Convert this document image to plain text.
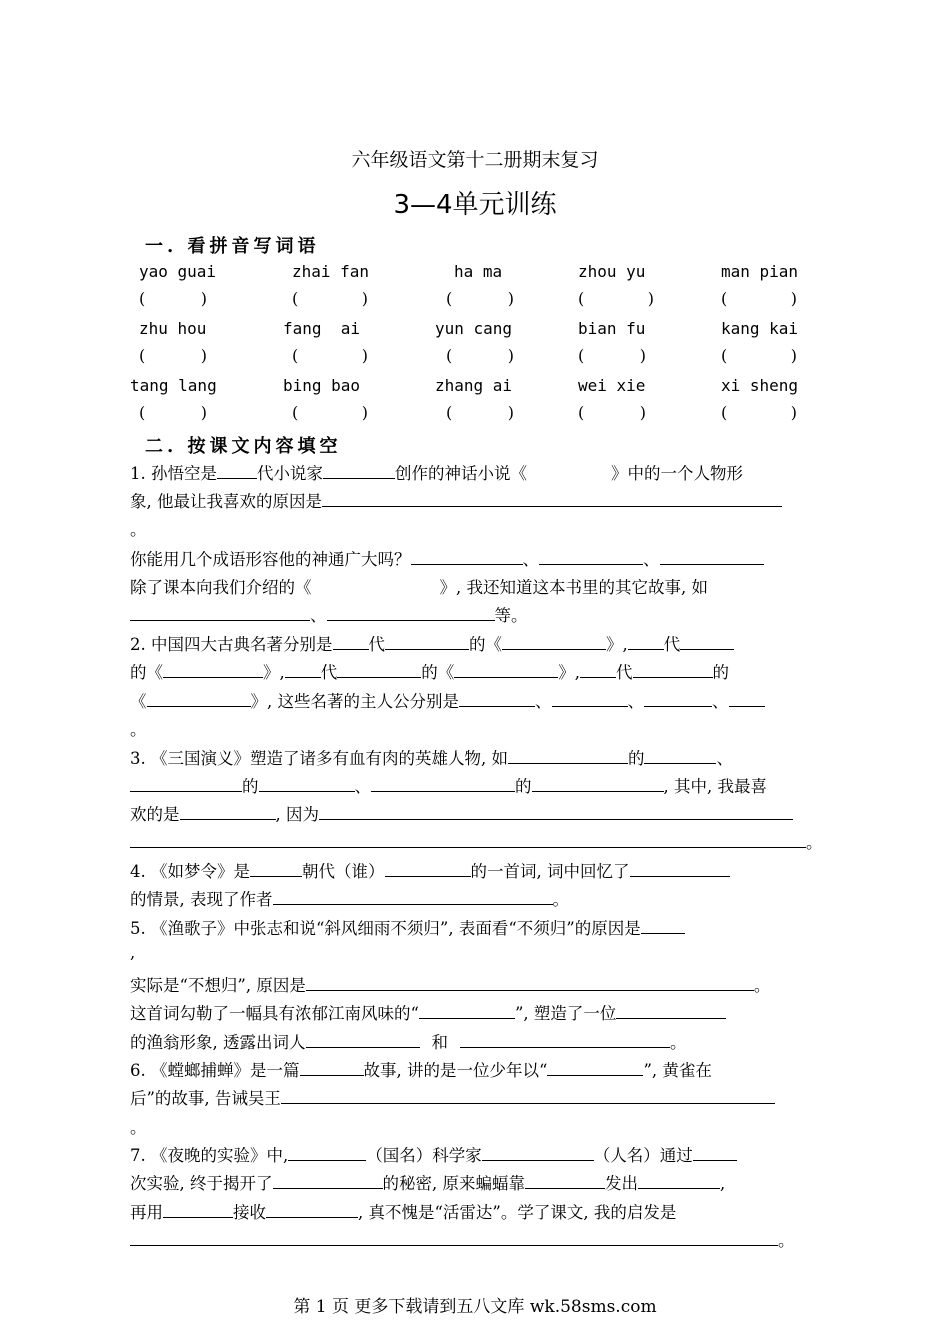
六年级语文第十二册期末复习
3—4单元训练
一. 看拼音写词语
yao guai	zhai fan	ha ma	zhou yu	man pian
(	)	(	)	(	)	(	)	(	)
zhu hou	fang  ai	yun cang	bian fu	kang kai
(	)	(	)	(	)	(	)	(	)
tang lang	bing bao	zhang ai	wei xie	xi sheng
(	)	(	)	(	)	(	)	(	)
二. 按课文内容填空
1. 孙悟空是 代小说家	创作的神话小说《	》中的一个人物形
象, 他最让我喜欢的原因是
。
你能用几个成语形容他的神通广大吗？	、	、
除了课本向我们介绍的《	》, 我还知道这本书里的其它故事, 如
、	等。
2. 中国四大古典名著分别是 代	的《	》, 代
的《	》, 代	的《	》, 代	的
《	》, 这些名著的主人公分别是	、	、	、
。
3. 《三国演义》塑造了诸多有血有肉的英雄人物, 如	的	、
的	、	的	, 其中, 我最喜
欢的是	, 因为
。
4. 《如梦令》是	朝代（谁）	的一首词, 词中回忆了
的情景, 表现了作者	。
5. 《渔歌子》中张志和说“斜风细雨不须归”, 表面看“不须归”的原因是
,
实际是“不想归”, 原因是	。
这首词勾勒了一幅具有浓郁江南风味的“	”, 塑造了一位
的渔翁形象, 透露出词人	和	。
6. 《螳螂捕蝉》是一篇	故事, 讲的是一位少年以“	”, 黄雀在
后”的故事, 告诫吴王
。
7. 《夜晚的实验》中,	（国名）科学家	（人名）通过
次实验, 终于揭开了	的秘密, 原来蝙蝠靠	发出	,
再用	接收	, 真不愧是“活雷达”。学了课文, 我的启发是
。
第 1 页 更多下载请到五八文库 wk.58sms.com
